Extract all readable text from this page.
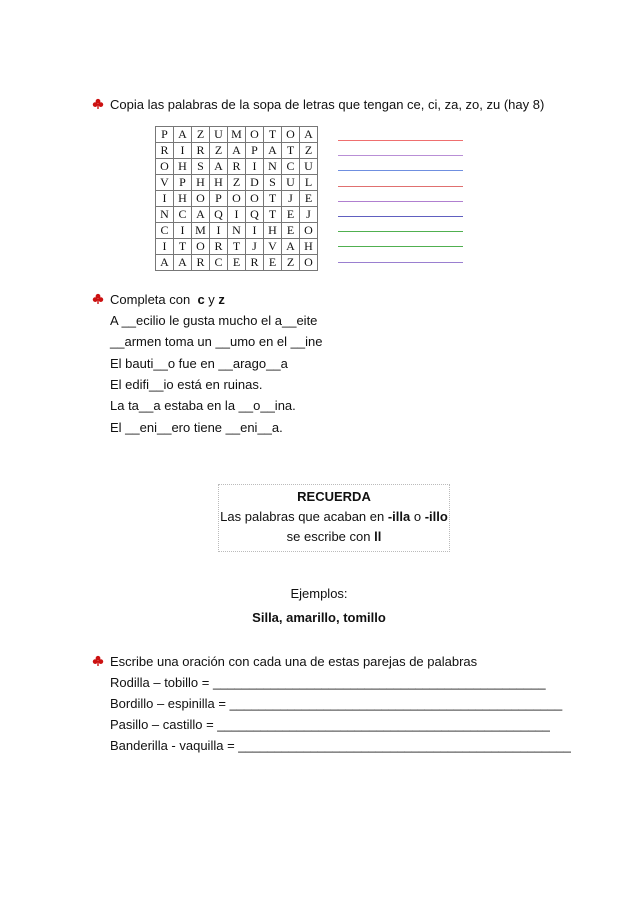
Copia las palabras de la sopa de letras que tengan ce, ci, za, zo, zu (hay 8)
P	A	Z	U	M	O	T	O	A
R	I	R	Z	A	P	A	T	Z
O	H	S	A	R	I	N	C	U
V	P	H	H	Z	D	S	U	L
I	H	O	P	O	O	T	J	E
N	C	A	Q	I	Q	T	E	J
C	I	M	I	N	I	H	E	O
I	T	O	R	T	J	V	A	H
A	A	R	C	E	R	E	Z	O
Completa con  c y z
A __ecilio le gusta mucho el a__eite
__armen toma un __umo en el __ine
El bauti__o fue en __arago__a
El edifi__io está en ruinas.
La ta__a estaba en la __o__ina.
El __eni__ero tiene __eni__a.
RECUERDA
Las palabras que acaban en -illa o -illo
se escribe con ll
Ejemplos:
Silla, amarillo, tomillo
Escribe una oración con cada una de estas parejas de palabras
Rodilla – tobillo = ______________________________________________
Bordillo – espinilla = ______________________________________________
Pasillo – castillo = ______________________________________________
Banderilla - vaquilla = ______________________________________________
